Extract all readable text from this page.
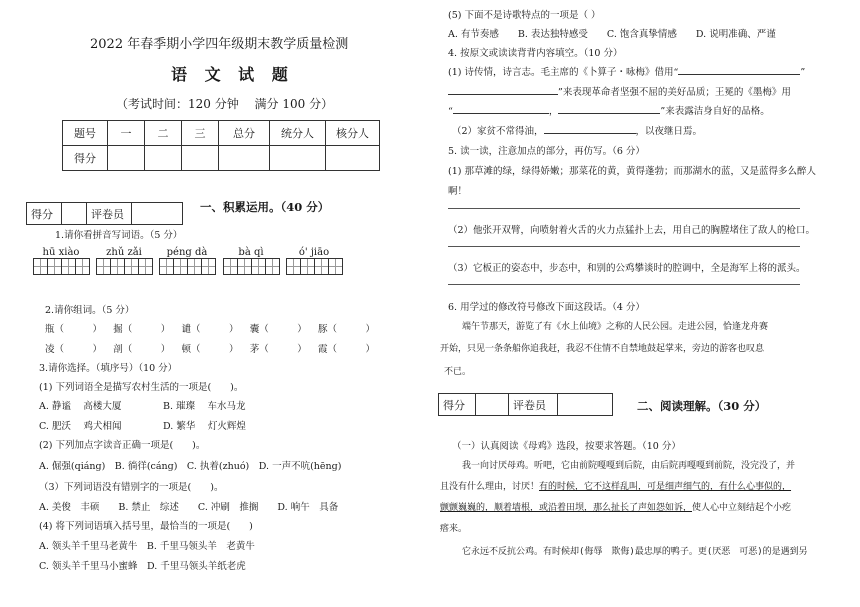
2022 年春季期小学四年级期末教学质量检测
语 文 试 题
（考试时间：120 分钟　 满分 100 分）
题号	一	二	三	总分	统分人	核分人
得分						
得分		评卷员		一、积累运用。（40 分）
1.请你看拼音写词语。（5 分）
hū xiào	zhǔ zǎi	péng dà	bà qì	ó' jiāo
2.请你组词。（5 分）
瓶（　　　） 掘（　　　） 谴（　　　） 囊（　　　） 豚（　　　）
凌（　　　） 剖（　　　） 顿（　　　） 茅（　　　） 霞（　　　）
3.请你选择。（填序号）（10 分）
(1) 下列词语全是描写农村生活的一项是(　　)。
A. 静谧　 高楼大厦	B. 璀璨　 车水马龙
C. 肥沃　 鸡犬相闻	D. 繁华　 灯火辉煌
(2) 下列加点字读音正确一项是(　　)。
A. 倔强(qiáng)　B. 徜徉(cáng)　C. 执着(zhuó)　D. 一声不吭(hēng)
（3）下列词语没有错别字的一项是(　　)。
A. 美俊　丰硕　　B. 禁止　综述　　C. 冲刷　推搁　　D. 响午　具备
(4) 将下列词语填入括号里，最恰当的一项是(　　)
A. 领头羊千里马老黄牛　B. 千里马领头羊　老黄牛
C. 领头羊千里马小蜜蜂　D. 千里马领头羊纸老虎
(5) 下面不是诗歌特点的一项是（ ）
A. 有节奏感　　B. 表达独特感受　　C. 饱含真挚情感　　D. 说明准确、严谨
4. 按原文或读读背背内容填空。（10 分）
(1) 诗传情，诗言志。毛主席的《卜算子・咏梅》借用“	”
”来表现革命者坚强不屈的美好品质；王冕的《墨梅》用
“	，	”来表露洁身自好的品格。
（2）家贫不常得油，	，以夜继日焉。
5. 读一读，注意加点的部分，再仿写。（6 分）
(1) 那草滩的绿，绿得娇嫩；那菜花的黄，黄得蓬勃；而那湖水的蓝，又是蓝得多么醉人
啊！
（2）他张开双臂，向喷射着火舌的火力点猛扑上去，用自己的胸膛堵住了敌人的枪口。
（3）它板正的姿态中，步态中，和别的公鸡攀谈时的腔调中，全是海军上将的派头。
6. 用学过的修改符号修改下面这段话。（4 分）
端午节那天，游览了有《水上仙境》之称的人民公园。走进公园，恰逢龙舟赛
开始，只见一条条船你追我赶，我忍不住情不自禁地鼓起掌来，旁边的游客也叹息
不已。
得分		评卷员		二、阅读理解。（30 分）
（一）认真阅读《母鸡》选段，按要求答题。（10 分）
我一向讨厌母鸡。听吧，它由前院嘎嘎到后院，由后院再嘎嘎到前院，没完没了，并
且没有什么理由，讨厌！有的时候，它不这样乱叫，可是细声细气的，有什么心事似的，
颤颤巍巍的，顺着墙根，或沿着田坝，那么扯长了声如怨如诉，使人心中立刻结起个小疙
瘩来。
它永远不反抗公鸡。有时候却(侮辱　欺侮)最忠厚的鸭子。更(厌恶　可恶)的是遇到另
